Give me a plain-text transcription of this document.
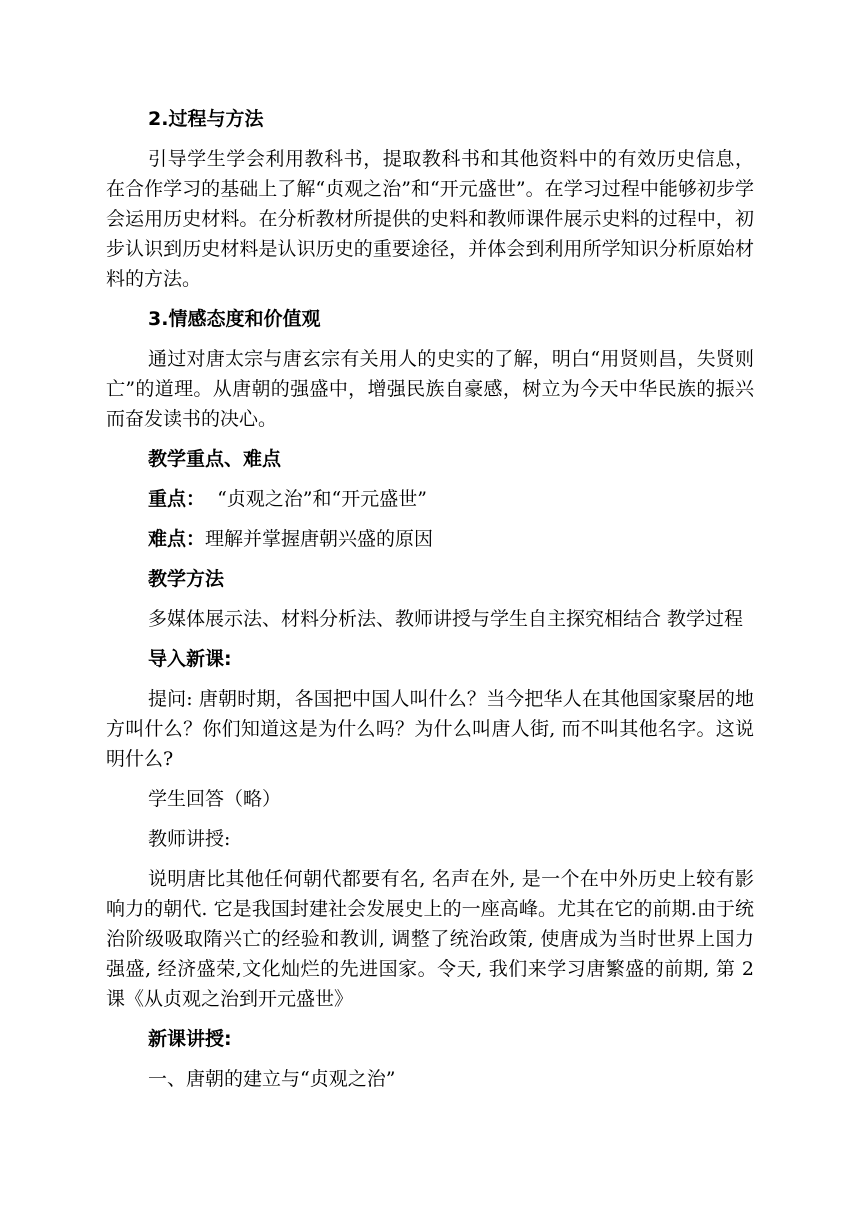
2.过程与方法

引导学生学会利用教科书，提取教科书和其他资料中的有效历史信息，在合作学习的基础上了解“贞观之治”和“开元盛世”。在学习过程中能够初步学会运用历史材料。在分析教材所提供的史料和教师课件展示史料的过程中，初步认识到历史材料是认识历史的重要途径，并体会到利用所学知识分析原始材料的方法。

3.情感态度和价值观

通过对唐太宗与唐玄宗有关用人的史实的了解，明白“用贤则昌，失贤则亡”的道理。从唐朝的强盛中，增强民族自豪感，树立为今天中华民族的振兴而奋发读书的决心。

教学重点、难点

重点：  “贞观之治”和“开元盛世”

难点：理解并掌握唐朝兴盛的原因

教学方法

多媒体展示法、材料分析法、教师讲授与学生自主探究相结合 教学过程

导入新课:

提问: 唐朝时期，各国把中国人叫什么？当今把华人在其他国家聚居的地方叫什么？你们知道这是为什么吗？为什么叫唐人街, 而不叫其他名字。这说明什么?

学生回答（略）

教师讲授:

说明唐比其他任何朝代都要有名, 名声在外, 是一个在中外历史上较有影响力的朝代. 它是我国封建社会发展史上的一座高峰。尤其在它的前期.由于统治阶级吸取隋兴亡的经验和教训, 调整了统治政策, 使唐成为当时世界上国力强盛, 经济盛荣,文化灿烂的先进国家。令天, 我们来学习唐繁盛的前期, 第 2 课《从贞观之治到开元盛世》

新课讲授:

一、唐朝的建立与“贞观之治”
